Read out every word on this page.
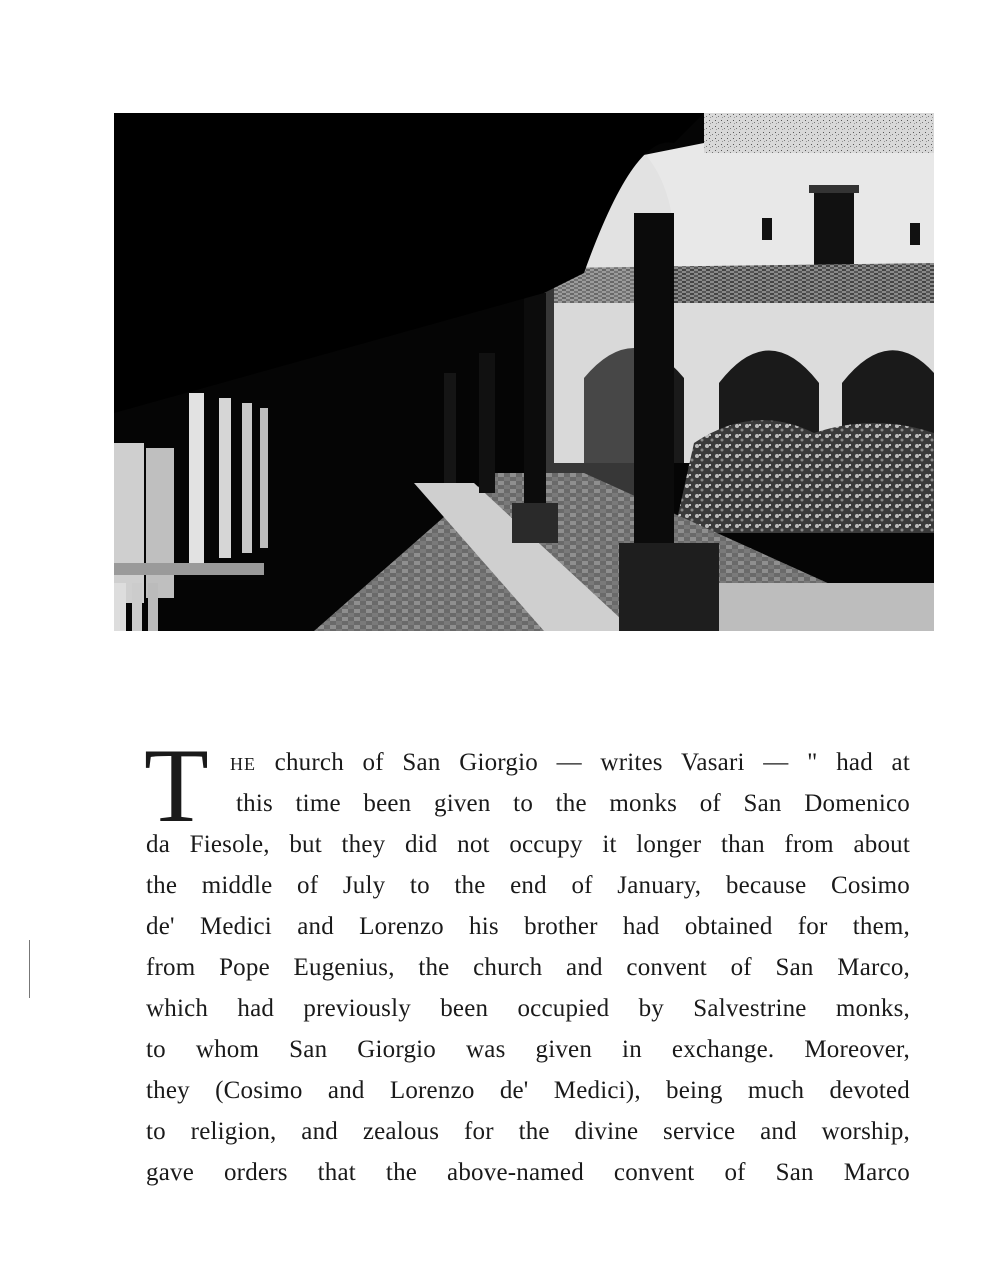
T he church of San Giorgio — writes Vasari — " had at
this time been given to the monks of San Domenico
da Fiesole, but they did not occupy it longer than from about
the middle of July to the end of January, because Cosimo
de' Medici and Lorenzo his brother had obtained for them,
from Pope Eugenius, the church and convent of San Marco,
which had previously been occupied by Salvestrine monks,
to whom San Giorgio was given in exchange. Moreover,
they (Cosimo and Lorenzo de' Medici), being much devoted
to religion, and zealous for the divine service and worship,
gave orders that the above-named convent of San Marco
